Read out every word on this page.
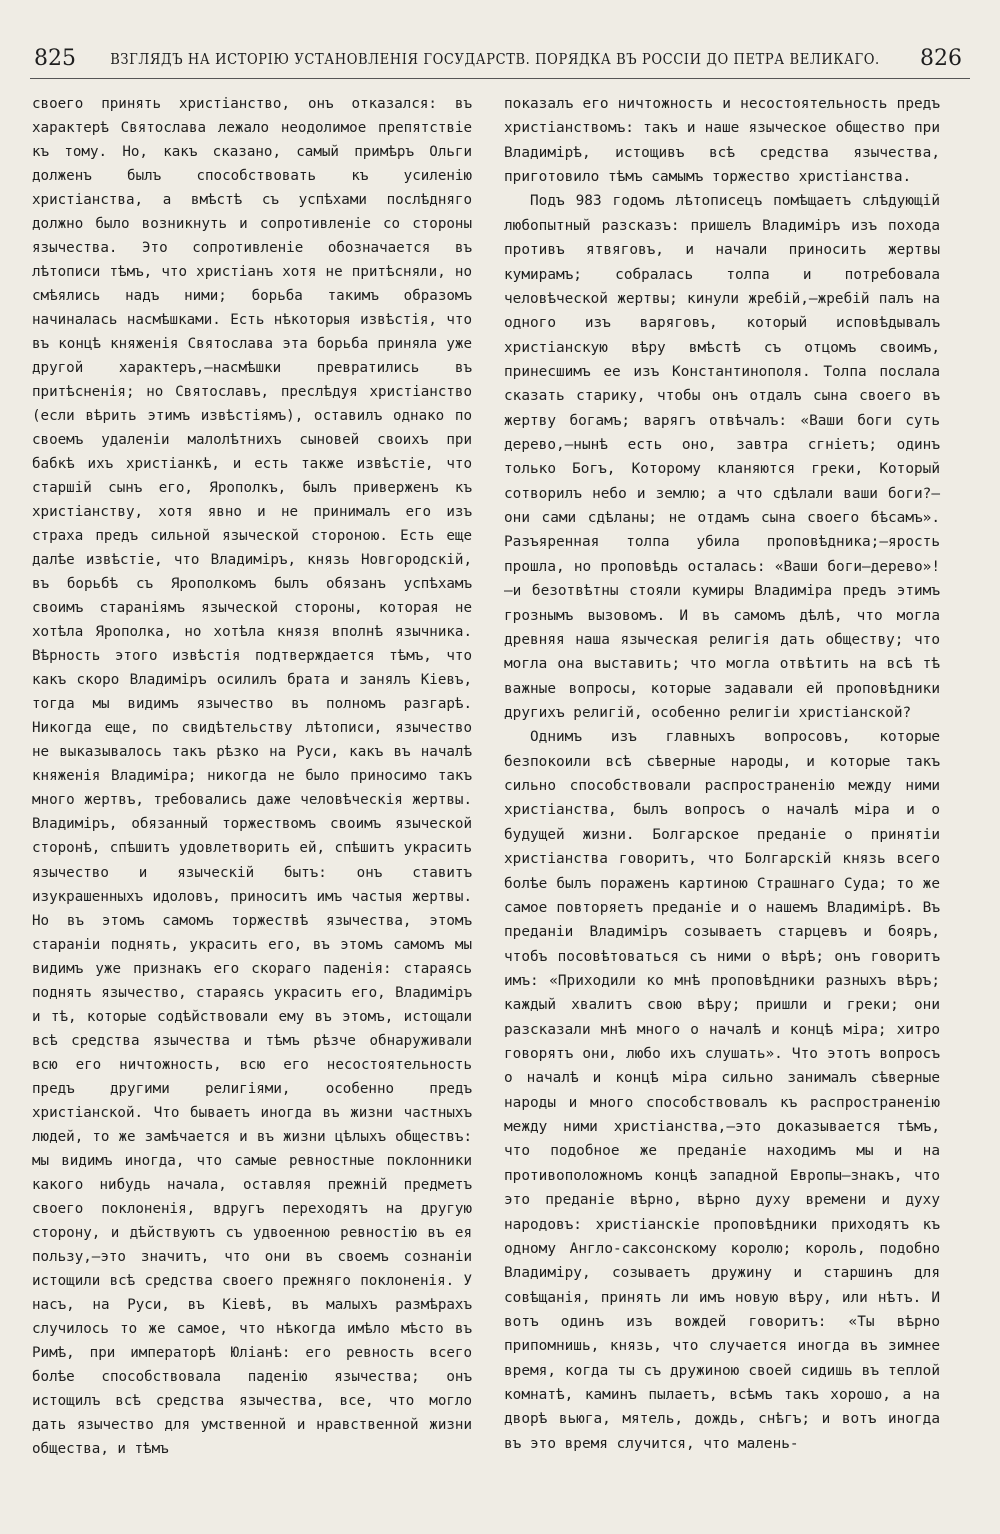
825 ВЗГЛЯДЪ НА ИСТОРІЮ УСТАНОВЛЕНІЯ ГОСУДАРСТВ. ПОРЯДКА ВЪ РОССІИ ДО ПЕТРА ВЕЛИКАГО. 826

своего принять христіанство, онъ отказался: въ характерѣ Святослава лежало неодолимое препятствіе къ тому. Но, какъ сказано, самый примѣръ Ольги долженъ былъ способствовать къ усиленію христіанства, а вмѣстѣ съ успѣхами послѣдняго должно было возникнуть и сопротивленіе со стороны язычества. Это сопротивленіе обозначается въ лѣтописи тѣмъ, что христіанъ хотя не притѣсняли, но смѣялись надъ ними; борьба такимъ образомъ начиналась насмѣшками. Есть нѣкоторыя извѣстія, что въ концѣ княженія Святослава эта борьба приняла уже другой характеръ,—насмѣшки превратились въ притѣсненія; но Святославъ, преслѣдуя христіанство (если вѣрить этимъ извѣстіямъ), оставилъ однако по своемъ удаленіи малолѣтнихъ сыновей своихъ при бабкѣ ихъ христіанкѣ, и есть также извѣстіе, что старшій сынъ его, Ярополкъ, былъ приверженъ къ христіанству, хотя явно и не принималъ его изъ страха предъ сильной языческой стороною. Есть еще далѣе извѣстіе, что Владиміръ, князь Новгородскій, въ борьбѣ съ Ярополкомъ былъ обязанъ успѣхамъ своимъ стараніямъ языческой стороны, которая не хотѣла Ярополка, но хотѣла князя вполнѣ язычника. Вѣрность этого извѣстія подтверждается тѣмъ, что какъ скоро Владиміръ осилилъ брата и занялъ Кіевъ, тогда мы видимъ язычество въ полномъ разгарѣ. Никогда еще, по свидѣтельству лѣтописи, язычество не выказывалось такъ рѣзко на Руси, какъ въ началѣ княженія Владиміра; никогда не было приносимо такъ много жертвъ, требовались даже человѣческія жертвы. Владиміръ, обязанный торжествомъ своимъ языческой сторонѣ, спѣшитъ удовлетворить ей, спѣшитъ украсить язычество и языческій бытъ: онъ ставитъ изукрашенныхъ идоловъ, приноситъ имъ частыя жертвы. Но въ этомъ самомъ торжествѣ язычества, этомъ стараніи поднять, украсить его, въ этомъ самомъ мы видимъ уже признакъ его скораго паденія: стараясь поднять язычество, стараясь украсить его, Владиміръ и тѣ, которые содѣйствовали ему въ этомъ, истощали всѣ средства язычества и тѣмъ рѣзче обнаруживали всю его ничтожность, всю его несостоятельность предъ другими религіями, особенно предъ христіанской. Что бываетъ иногда въ жизни частныхъ людей, то же замѣчается и въ жизни цѣлыхъ обществъ: мы видимъ иногда, что самые ревностные поклонники какого нибудь начала, оставляя прежній предметъ своего поклоненія, вдругъ переходятъ на другую сторону, и дѣйствуютъ съ удвоенною ревностію въ ея пользу,—это значитъ, что они въ своемъ сознаніи истощили всѣ средства своего прежняго поклоненія. У насъ, на Руси, въ Кіевѣ, въ малыхъ размѣрахъ случилось то же самое, что нѣкогда имѣло мѣсто въ Римѣ, при императорѣ Юліанѣ: его ревность всего болѣе способствовала паденію язычества; онъ истощилъ всѣ средства язычества, все, что могло дать язычество для умственной и нравственной жизни общества, и тѣмъ

показалъ его ничтожность и несостоятельность предъ христіанствомъ: такъ и наше языческое общество при Владимірѣ, истощивъ всѣ средства язычества, приготовило тѣмъ самымъ торжество христіанства.

Подъ 983 годомъ лѣтописецъ помѣщаетъ слѣдующій любопытный разсказъ: пришелъ Владиміръ изъ похода противъ ятвяговъ, и начали приносить жертвы кумирамъ; собралась толпа и потребовала человѣческой жертвы; кинули жребій,—жребій палъ на одного изъ варяговъ, который исповѣдывалъ христіанскую вѣру вмѣстѣ съ отцомъ своимъ, принесшимъ ее изъ Константинополя. Толпа послала сказать старику, чтобы онъ отдалъ сына своего въ жертву богамъ; варягъ отвѣчалъ: «Ваши боги суть дерево,—нынѣ есть оно, завтра сгніетъ; одинъ только Богъ, Которому кланяются греки, Который сотворилъ небо и землю; а что сдѣлали ваши боги?—они сами сдѣланы; не отдамъ сына своего бѣсамъ». Разъяренная толпа убила проповѣдника;—ярость прошла, но проповѣдь осталась: «Ваши боги—дерево»!—и безотвѣтны стояли кумиры Владиміра предъ этимъ грознымъ вызовомъ. И въ самомъ дѣлѣ, что могла древняя наша языческая религія дать обществу; что могла она выставить; что могла отвѣтить на всѣ тѣ важные вопросы, которые задавали ей проповѣдники другихъ религій, особенно религіи христіанской?

Однимъ изъ главныхъ вопросовъ, которые безпокоили всѣ сѣверные народы, и которые такъ сильно способствовали распространенію между ними христіанства, былъ вопросъ о началѣ міра и о будущей жизни. Болгарское преданіе о принятіи христіанства говоритъ, что Болгарскій князь всего болѣе былъ пораженъ картиною Страшнаго Суда; то же самое повторяетъ преданіе и о нашемъ Владимірѣ. Въ преданіи Владиміръ созываетъ старцевъ и бояръ, чтобъ посовѣтоваться съ ними о вѣрѣ; онъ говоритъ имъ: «Приходили ко мнѣ проповѣдники разныхъ вѣръ; каждый хвалитъ свою вѣру; пришли и греки; они разсказали мнѣ много о началѣ и концѣ міра; хитро говорятъ они, любо ихъ слушать». Что этотъ вопросъ о началѣ и концѣ міра сильно занималъ сѣверные народы и много способствовалъ къ распространенію между ними христіанства,—это доказывается тѣмъ, что подобное же преданіе находимъ мы и на противоположномъ концѣ западной Европы—знакъ, что это преданіе вѣрно, вѣрно духу времени и духу народовъ: христіанскіе проповѣдники приходятъ къ одному Англо-саксонскому королю; король, подобно Владиміру, созываетъ дружину и старшинъ для совѣщанія, принять ли имъ новую вѣру, или нѣтъ. И вотъ одинъ изъ вождей говоритъ: «Ты вѣрно припомнишь, князь, что случается иногда въ зимнее время, когда ты съ дружиною своей сидишь въ теплой комнатѣ, каминъ пылаетъ, всѣмъ такъ хорошо, а на дворѣ вьюга, мятель, дождь, снѣгъ; и вотъ иногда въ это время случится, что малень-
